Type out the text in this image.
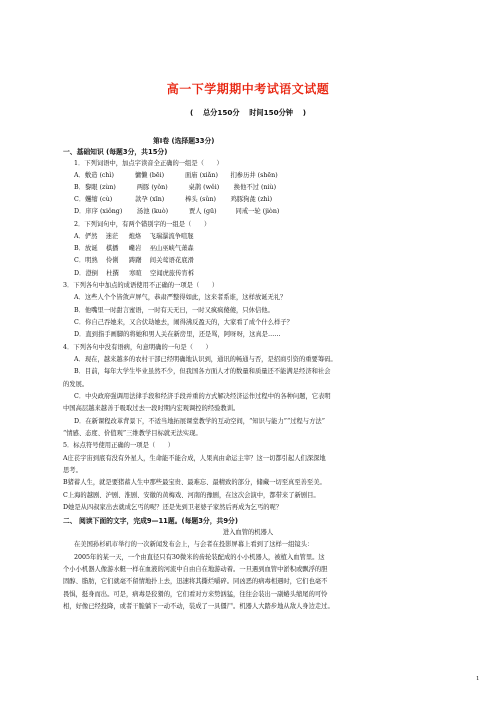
高一下学期期中考试语文试题
(　 总分150分　 时间150分钟　 )
第Ⅰ卷 (选择题33分)
一、基础知识 (每题3分，共15分)
1．下列词语中，加点字读音全正确的一组是（　　）
A．敷造 (chì)　　　 慵懒 (bēi)　　　 面庙 (xiǎn)　　扪参历井 (shēn)
B．黎眼 (zùn)　　　 两豚 (yǒn)　　　 桌鹊 (wěi)　　 换他不过 (niù)
C．蠼缩 (cù)　　　  款孕 (xīn)　　　 棒头 (sǔn)　　 鸡豚狗彘 (zhì)
D．庠序 (xiǒng)　　 汤池 (kuò)　　　 贾人 (gū)　　　同戒一轮 (jiòn)
2．下列词句中，有两个错别字的一组是（　　）
A．俨然　 迷茫　  炮烙　 飞瑞瀑流争喧豗
B．放诞　 棋播　  巉岩　 巫山巫峡气萧森
C．明熟　 伶俐　  踌躇　 间关莺语花底滑
D．澄倒　 杜撰　  寒暄　 空闻虎旅传宵柝
3．下列各句中加点的成语使用不正确的一项是（　　）
A．这些人个个皆敛声屏气，恭肃严整得如此，这来者系谁，这样放诞无礼？
B．他嘴里一时甜言蜜语，一时有天无日，一时又疯疯傻傻，只休信他。
C．你自己吞她来，又合伏劫她去，闹得沸反盈天的，大家看了成个什么样子？
D．直到指手画脚的将她和男人关在新房里，还是骂，阿呀呀，这真是……
4．下列各句中没有语病，句意明确的一句是（　　）
A．现在，越来越多的农村干部已经明确地认识到，通讯的畅通与否，是招商引资的重要筹码。
B．目前，每年大学生毕业虽然不少，但我国各方面人才的数量和质量还不能满足经济和社会
的发展。
C．中央政府强调用法律手段和经济手段并重的方式解决经济运作过程中的各种问题，它表明
中国高层越来越善于吸取过去一段时期内宏观调控的经验教训。
D．在新课程改革背景下，不适当地拓展课堂教学的互动空间，“知识与能力”“过程与方法”
“情感、态度、价值观”三维教学目标就无法实现。
5．标点符号使用正确的一项是（　　）
A庄苌宇宙到底有没有外星人，生命能不能合成，人果真由命运主宰？这一切都引起人们深深地
思考。
B猪蓄人生，就是要猪蓄人生中那些最宝贵、最难忘、最精致的部分，储藏一切至真至善至美。
C上海的越剧、沪剧、淮剧、安徽的黄梅戏、河南的豫剧，在这次会演中，都带来了新剧目。
D她是从四叔家出去就成乞丐的呢？还是先到卫老婆子家然后再成为乞丐的呢？
二、 阅读下面的文字，完成9—11题。(每题3分，共9分)
进入血管的机器人
在美国孙杉矶市举行的一次新闻发布会上，与会者在投影屏幕上看到了这样一组镜头：
2005年的某一天，一个由直径只有30微米的齿轮装配成的小小机器人，被植入血管里。这
个小小机器人像游水艇一样在血液的河流中自由自在地游动着。一旦遇到血管中淤积或飘浮的胆
固醇、脂肪，它们就毫不留情地扑上去，迅速将其撕烂嚼碎。同凶恶的病毒相遇时，它们也毫不
畏惧，挺身而出。可是，病毒是狡猾的，它们看对方来势汹猛，往往会装出一副蜷头缩尾的可怜
相，好像已经投降，或者干脆躺下一动不动，装成了一具僵尸。机器人大踏步地从敌人身边走过。
1
